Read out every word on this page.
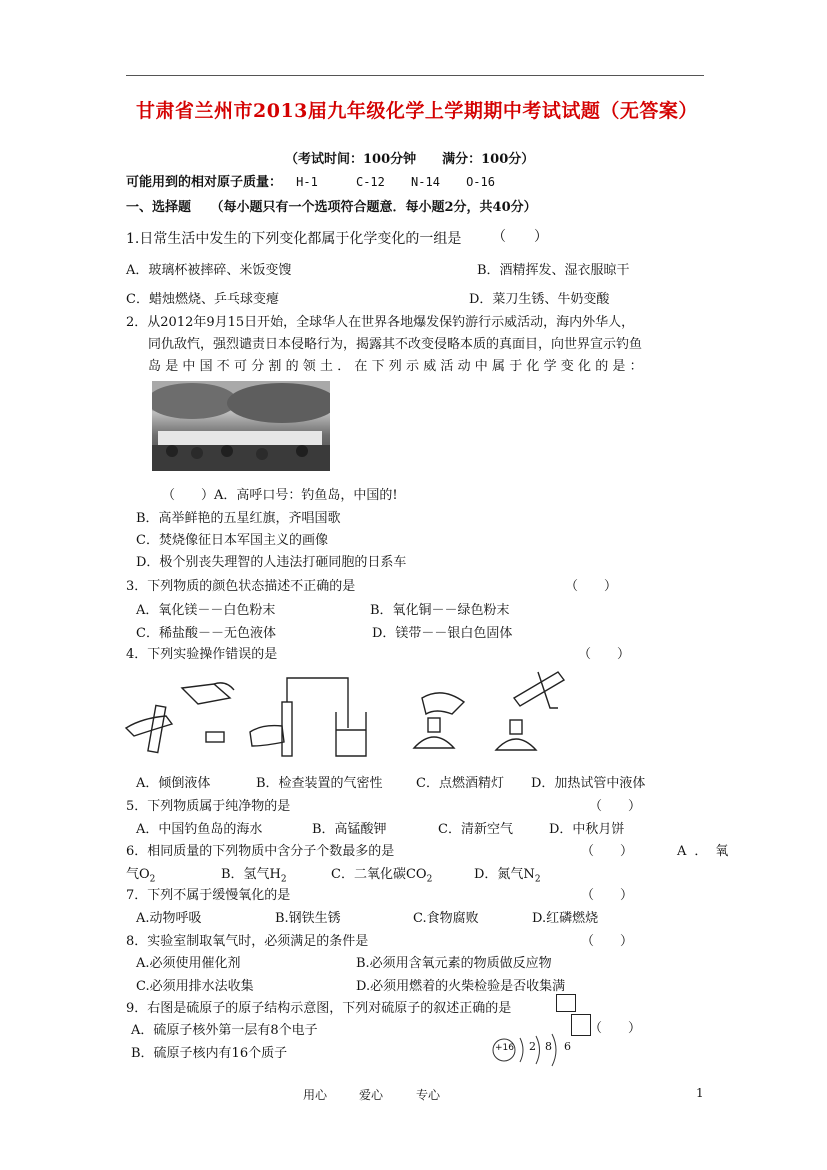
甘肃省兰州市2013届九年级化学上学期期中考试试题（无答案）
（考试时间：100分钟　　满分：100分）
可能用到的相对原子质量： H-1	C-12 N-14 O-16
一、选择题　　（每小题只有一个选项符合题意．每小题2分，共40分）
1.日常生活中发生的下列变化都属于化学变化的一组是 （　　）
A．玻璃杯被摔碎、米饭变馊	B．酒精挥发、湿衣服晾干
C．蜡烛燃烧、乒乓球变瘪	D．菜刀生锈、牛奶变酸
2．从2012年9月15日开始，全球华人在世界各地爆发保钓游行示威活动，海内外华人，
同仇敌忾，强烈谴责日本侵略行为，揭露其不改变侵略本质的真面目，向世界宣示钓鱼
岛是中国不可分割的领土．在下列示威活动中属于化学变化的是：
（　　）A．高呼口号：钓鱼岛，中国的!
B．高举鲜艳的五星红旗，齐唱国歌
C．焚烧像征日本军国主义的画像
D．极个别丧失理智的人违法打砸同胞的日系车
3．下列物质的颜色状态描述不正确的是	（　　）
A．氧化镁－－白色粉末	B．氧化铜－－绿色粉末
C．稀盐酸－－无色液体	D．镁带－－银白色固体
4．下列实验操作错误的是	（　　）
A．倾倒液体	B．检查装置的气密性	C．点燃酒精灯 D．加热试管中液体
5．下列物质属于纯净物的是	（　　）
A．中国钓鱼岛的海水	B．高锰酸钾	C．清新空气	D．中秋月饼
6．相同质量的下列物质中含分子个数最多的是	（　　）	A．氧
气$O_2$	B．氢气$H_2$	C．二氧化碳$CO_2$	D．氮气$N_2$
7．下列不属于缓慢氧化的是	（　　）
A.动物呼吸	B.钢铁生锈	C.食物腐败	D.红磷燃烧
8．实验室制取氧气时，必须满足的条件是	（　　）
A.必须使用催化剂	B.必须用含氧元素的物质做反应物
C.必须用排水法收集	D.必须用燃着的火柴检验是否收集满
9．右图是硫原子的原子结构示意图，下列对硫原子的叙述正确的是
（　　）
A．硫原子核外第一层有8个电子
B．硫原子核内有16个质子	+16 2 8 6
用心	爱心	专心	1
